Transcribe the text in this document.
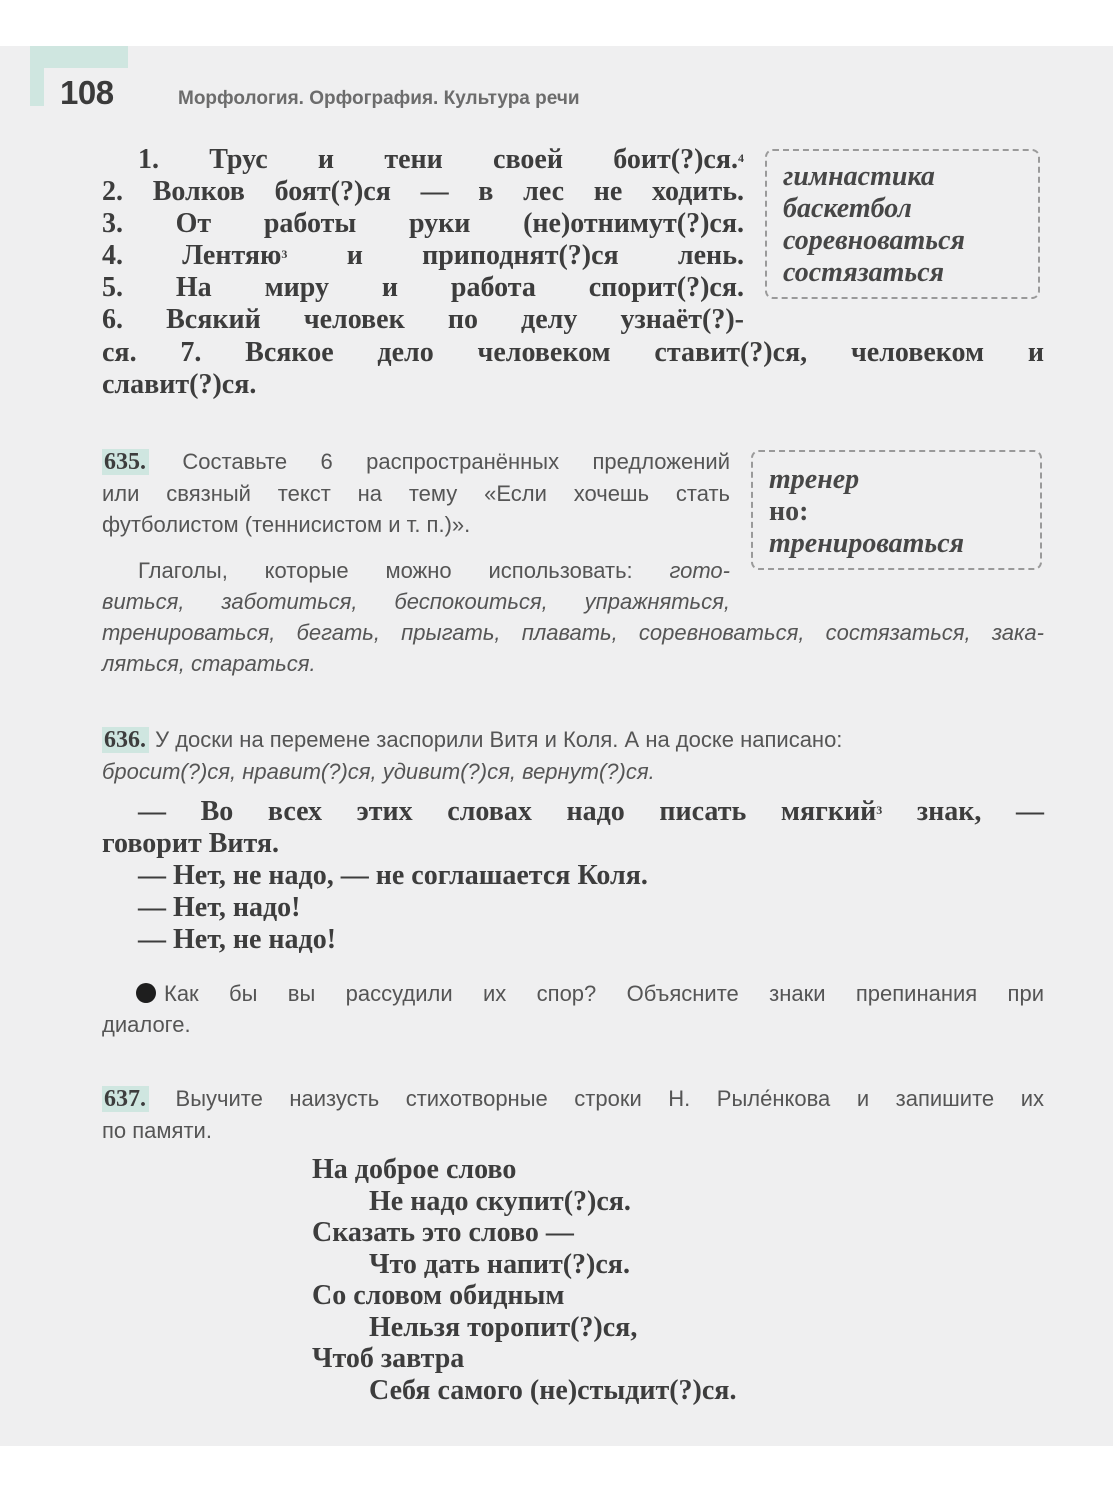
108	Морфология. Орфография. Культура речи
1. Трус и тени своей боит(?)ся.$^4$
2. Волков боят(?)ся — в лес не ходить.
3. От работы руки (не)отнимут(?)ся.
4. Лентяю$^3$ и приподнят(?)ся лень.
5. На миру и работа спорит(?)ся.
6. Всякий человек по делу узнаёт(?)-
ся. 7. Всякое дело человеком ставит(?)ся, человеком и
славит(?)ся.
гимнастика
баскетбол
соревноваться
состязаться
635. Составьте 6 распространённых предложений
или связный текст на тему «Если хочешь стать
футболистом (теннисистом и т. п.)».
Глаголы, которые можно использовать: гото-
виться, заботиться, беспокоиться, упражняться,
тренироваться, бегать, прыгать, плавать, соревноваться, состязаться, зака-
ляться, стараться.
тренер
но:
тренироваться
636. У доски на перемене заспорили Витя и Коля. А на доске написано:
бросит(?)ся, нравит(?)ся, удивит(?)ся, вернут(?)ся.
— Во всех этих словах надо писать мягкий$^3$ знак, —
говорит Витя.
— Нет, не надо, — не соглашается Коля.
— Нет, надо!
— Нет, не надо!
Как бы вы рассудили их спор? Объясните знаки препинания при
диалоге.
637. Выучите наизусть стихотворные строки Н. Рыле́нкова и запишите их
по памяти.
На доброе слово
Не надо скупит(?)ся.
Сказать это слово —
Что дать напит(?)ся.
Со словом обидным
Нельзя торопит(?)ся,
Чтоб завтра
Себя самого (не)стыдит(?)ся.
